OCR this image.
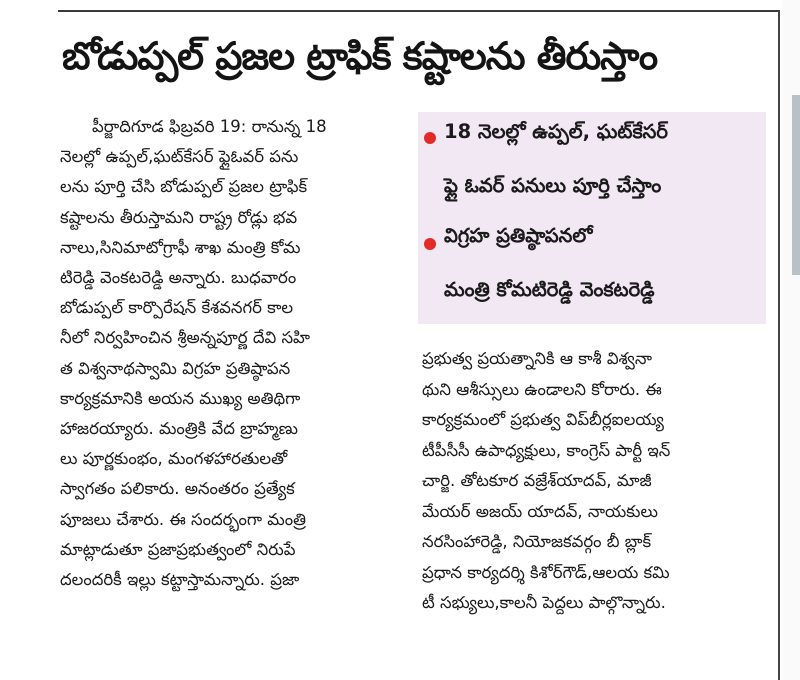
బోడుప్పల్ ప్రజల ట్రాఫిక్ కష్టాలను తీరుస్తాం
పీర్జాదిగూడ ఫిబ్రవరి 19: రానున్న 18
నెలల్లో ఉప్పల్,ఘట్‌కేసర్ ఫ్లైఓవర్ పను
లను పూర్తి చేసి బోడుప్పల్ ప్రజల ట్రాఫిక్
కష్టాలను తీరుస్తామని రాష్ట్ర రోడ్లు భవ
నాలు,సినిమాటోగ్రాఫీ శాఖ మంత్రి కోమ
టిరెడ్డి వెంకటరెడ్డి అన్నారు. బుధవారం
బోడుప్పల్ కార్పొరేషన్ కేశవనగర్ కాల
నీలో నిర్వహించిన శ్రీఅన్నపూర్ణ దేవి సహి
త విశ్వనాథస్వామి విగ్రహ ప్రతిష్ఠాపన
కార్యక్రమానికి అయన ముఖ్య అతిథిగా
హాజరయ్యారు. మంత్రికి వేద బ్రాహ్మణు
లు పూర్ణకుంభం, మంగళహారతులతో
స్వాగతం పలికారు. అనంతరం ప్రత్యేక
పూజలు చేశారు. ఈ సందర్భంగా మంత్రి
మాట్లాడుతూ ప్రజాప్రభుత్వంలో నిరుపే
దలందరికీ ఇల్లు కట్టాస్తామన్నారు. ప్రజా
18 నెలల్లో ఉప్పల్, ఘట్‌కేసర్
ఫ్లై ఓవర్ పనులు పూర్తి చేస్తాం
విగ్రహ ప్రతిష్ఠాపనలో
మంత్రి కోమటిరెడ్డి వెంకటరెడ్డి
ప్రభుత్వ ప్రయత్నానికి ఆ కాశీ విశ్వనా
థుని ఆశీస్సులు ఉండాలని కోరారు. ఈ
కార్యక్రమంలో ప్రభుత్వ విప్‌బీర్లఐలయ్య
టీపీసీసీ ఉపాధ్యక్షులు, కాంగ్రెస్ పార్టీ ఇన్
చార్జి. తోటకూర వజ్రేశ్‌యాదవ్, మాజీ
మేయర్ అజయ్ యాదవ్, నాయకులు
నరసింహారెడ్డి, నియోజకవర్గం బీ బ్లాక్
ప్రధాన కార్యదర్శి కిశోర్‌గౌడ్,ఆలయ కమి
టీ సభ్యులు,కాలనీ పెద్దలు పాల్గొన్నారు.
